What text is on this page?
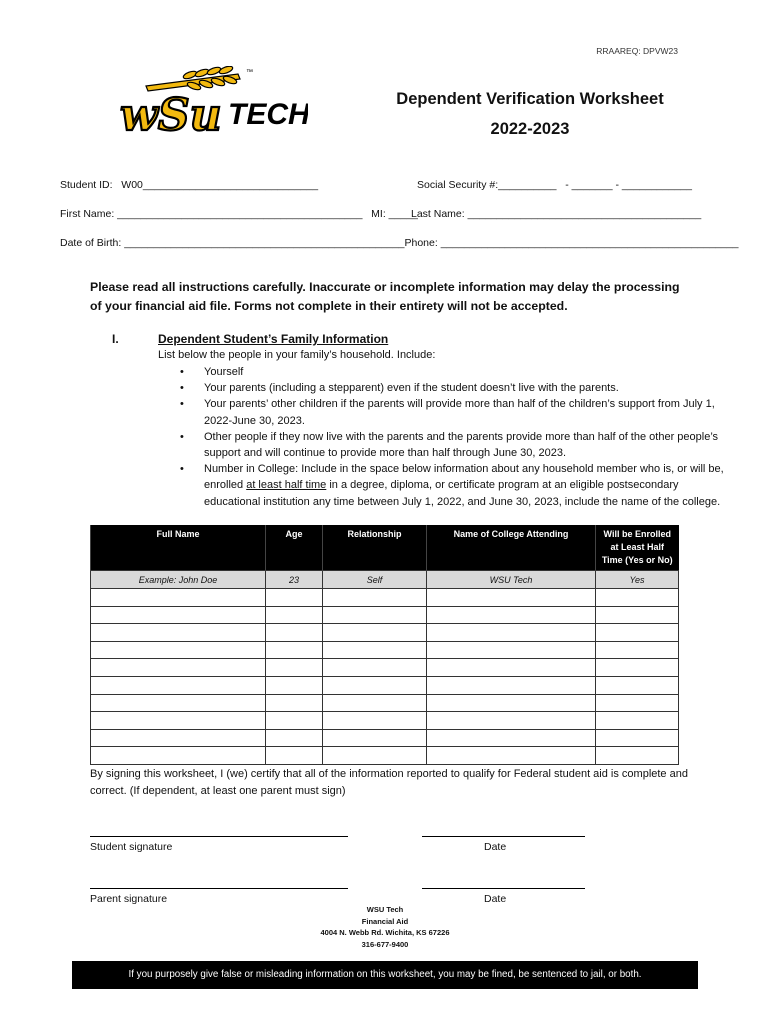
RRAAREQ: DPVW23
wSu TECH
™
Dependent Verification Worksheet
2022-2023
Student ID:   W00______________________________	Social Security #:__________   - _______ - ____________
First Name: __________________________________________   MI: _____
Last Name: ________________________________________
Date of Birth: ________________________________________________Phone: ___________________________________________________
Please read all instructions carefully. Inaccurate or incomplete information may delay the processing of your financial aid file. Forms not complete in their entirety will not be accepted.
I.	Dependent Student’s Family Information
List below the people in your family’s household. Include:
• Yourself
• Your parents (including a stepparent) even if the student doesn’t live with the parents.
• Your parents’ other children if the parents will provide more than half of the children’s support from July 1, 2022-June 30, 2023.
• Other people if they now live with the parents and the parents provide more than half of the other people’s support and will continue to provide more than half through June 30, 2023.
• Number in College: Include in the space below information about any household member who is, or will be, enrolled at least half time in a degree, diploma, or certificate program at an eligible postsecondary educational institution any time between July 1, 2022, and June 30, 2023, include the name of the college.
Full Name	Age	Relationship	Name of College Attending	Will be Enrolled at Least Half Time (Yes or No)
Example: John Doe	23	Self	WSU Tech	Yes

By signing this worksheet, I (we) certify that all of the information reported to qualify for Federal student aid is complete and correct. (If dependent, at least one parent must sign)
Student signature	Date
Parent signature	Date
WSU Tech
Financial Aid
4004 N. Webb Rd. Wichita, KS 67226
316-677-9400
If you purposely give false or misleading information on this worksheet, you may be fined, be sentenced to jail, or both.
